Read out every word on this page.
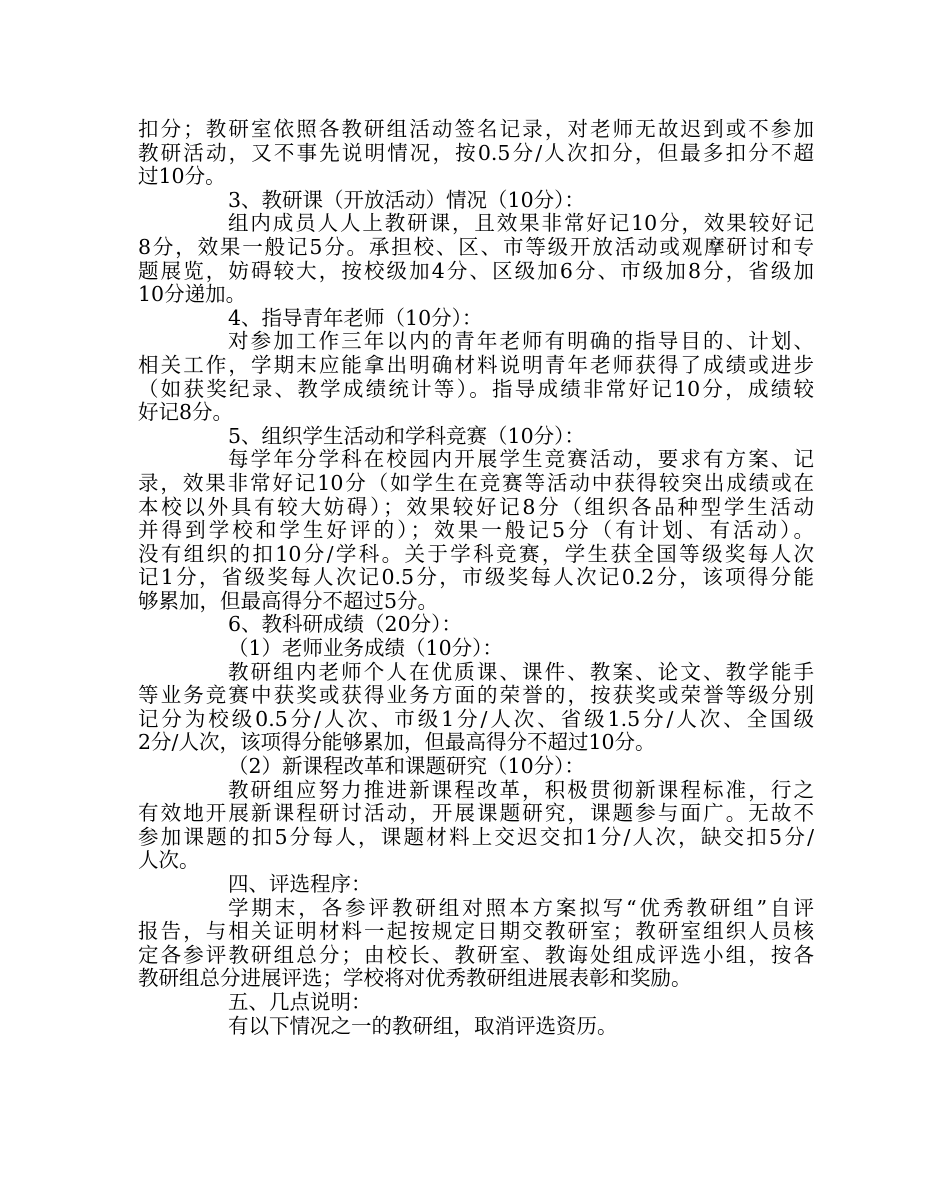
扣分；教研室依照各教研组活动签名记录，对老师无故迟到或不参加
教研活动，又不事先说明情况，按0.5分/人次扣分，但最多扣分不超
过10分。
3、教研课（开放活动）情况（10分）：
组内成员人人上教研课，且效果非常好记10分，效果较好记
8分，效果一般记5分。承担校、区、市等级开放活动或观摩研讨和专
题展览，妨碍较大，按校级加4分、区级加6分、市级加8分，省级加
10分递加。
4、指导青年老师（10分）：
对参加工作三年以内的青年老师有明确的指导目的、计划、
相关工作，学期末应能拿出明确材料说明青年老师获得了成绩或进步
（如获奖纪录、教学成绩统计等）。指导成绩非常好记10分，成绩较
好记8分。
5、组织学生活动和学科竞赛（10分）：
每学年分学科在校园内开展学生竞赛活动，要求有方案、记
录，效果非常好记10分（如学生在竞赛等活动中获得较突出成绩或在
本校以外具有较大妨碍）；效果较好记8分（组织各品种型学生活动
并得到学校和学生好评的）；效果一般记5分（有计划、有活动）。
没有组织的扣10分/学科。关于学科竞赛，学生获全国等级奖每人次
记1分，省级奖每人次记0.5分，市级奖每人次记0.2分，该项得分能
够累加，但最高得分不超过5分。
6、教科研成绩（20分）：
（1）老师业务成绩（10分）：
教研组内老师个人在优质课、课件、教案、论文、教学能手
等业务竞赛中获奖或获得业务方面的荣誉的，按获奖或荣誉等级分别
记分为校级0.5分/人次、市级1分/人次、省级1.5分/人次、全国级
2分/人次，该项得分能够累加，但最高得分不超过10分。
（2）新课程改革和课题研究（10分）：
教研组应努力推进新课程改革，积极贯彻新课程标准，行之
有效地开展新课程研讨活动，开展课题研究，课题参与面广。无故不
参加课题的扣5分每人，课题材料上交迟交扣1分/人次，缺交扣5分/
人次。
四、评选程序：
学期末，各参评教研组对照本方案拟写“优秀教研组”自评
报告，与相关证明材料一起按规定日期交教研室；教研室组织人员核
定各参评教研组总分；由校长、教研室、教诲处组成评选小组，按各
教研组总分进展评选；学校将对优秀教研组进展表彰和奖励。
五、几点说明：
有以下情况之一的教研组，取消评选资历。
